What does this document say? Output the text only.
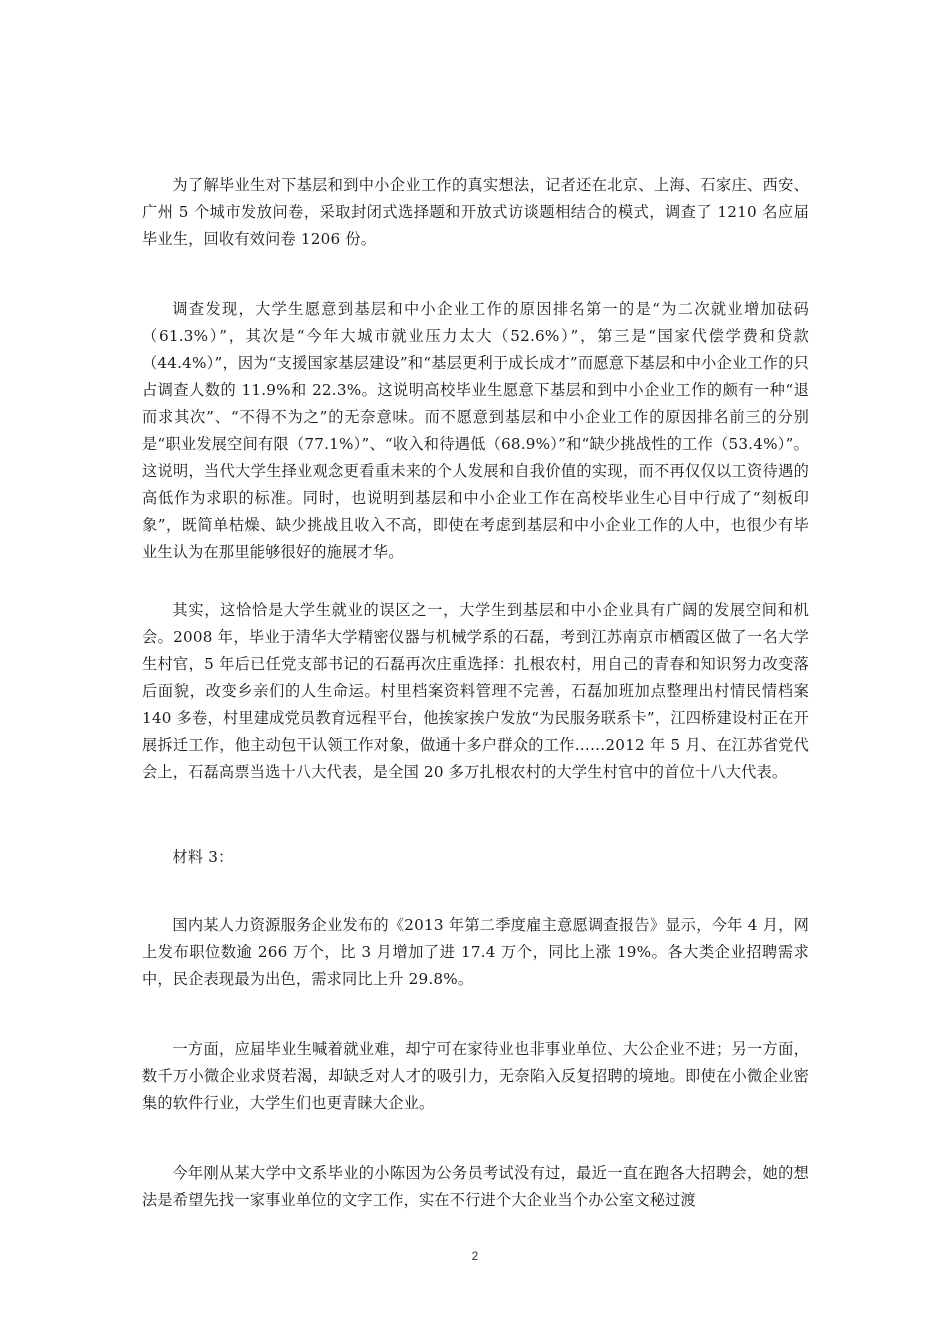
为了解毕业生对下基层和到中小企业工作的真实想法，记者还在北京、上海、石家庄、西安、广州 5 个城市发放问卷，采取封闭式选择题和开放式访谈题相结合的模式，调查了 1210 名应届毕业生，回收有效问卷 1206 份。

调查发现，大学生愿意到基层和中小企业工作的原因排名第一的是“为二次就业增加砝码（61.3%）”，其次是“今年大城市就业压力太大（52.6%）”，第三是“国家代偿学费和贷款（44.4%）”，因为“支援国家基层建设”和“基层更利于成长成才”而愿意下基层和中小企业工作的只占调查人数的 11.9%和 22.3%。这说明高校毕业生愿意下基层和到中小企业工作的颇有一种“退而求其次”、“不得不为之”的无奈意味。而不愿意到基层和中小企业工作的原因排名前三的分别是“职业发展空间有限（77.1%）”、“收入和待遇低（68.9%）”和“缺少挑战性的工作（53.4%）”。这说明，当代大学生择业观念更看重未来的个人发展和自我价值的实现，而不再仅仅以工资待遇的高低作为求职的标准。同时，也说明到基层和中小企业工作在高校毕业生心目中行成了“刻板印象”，既简单枯燥、缺少挑战且收入不高，即使在考虑到基层和中小企业工作的人中，也很少有毕业生认为在那里能够很好的施展才华。

其实，这恰恰是大学生就业的误区之一，大学生到基层和中小企业具有广阔的发展空间和机会。2008 年，毕业于清华大学精密仪器与机械学系的石磊，考到江苏南京市栖霞区做了一名大学生村官，5 年后已任党支部书记的石磊再次庄重选择：扎根农村，用自己的青春和知识努力改变落后面貌，改变乡亲们的人生命运。村里档案资料管理不完善，石磊加班加点整理出村情民情档案 140 多卷，村里建成党员教育远程平台，他挨家挨户发放“为民服务联系卡”，江四桥建设村正在开展拆迁工作，他主动包干认领工作对象，做通十多户群众的工作……2012 年 5 月、在江苏省党代会上，石磊高票当选十八大代表，是全国 20 多万扎根农村的大学生村官中的首位十八大代表。

材料 3：

国内某人力资源服务企业发布的《2013 年第二季度雇主意愿调查报告》显示，今年 4 月，网上发布职位数逾 266 万个，比 3 月增加了进 17.4 万个，同比上涨 19%。各大类企业招聘需求中，民企表现最为出色，需求同比上升 29.8%。

一方面，应届毕业生喊着就业难，却宁可在家待业也非事业单位、大公企业不进；另一方面，数千万小微企业求贤若渴，却缺乏对人才的吸引力，无奈陷入反复招聘的境地。即使在小微企业密集的软件行业，大学生们也更青睐大企业。

今年刚从某大学中文系毕业的小陈因为公务员考试没有过，最近一直在跑各大招聘会，她的想法是希望先找一家事业单位的文字工作，实在不行进个大企业当个办公室文秘过渡

2
